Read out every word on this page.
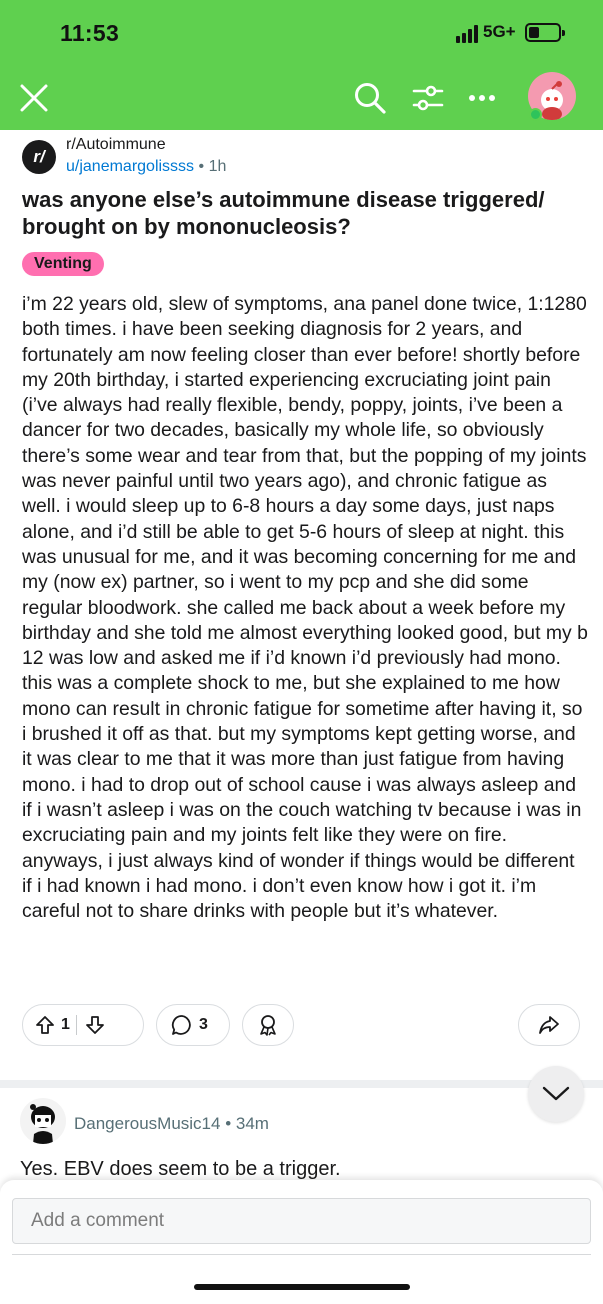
11:53	5G+
r/
r/Autoimmune
u/janemargolissss • 1h
was anyone else’s autoimmune disease triggered/ brought on by mononucleosis?
Venting
i’m 22 years old, slew of symptoms, ana panel done twice, 1:1280 both times. i have been seeking diagnosis for 2 years, and fortunately am now feeling closer than ever before! shortly before my 20th birthday, i started experiencing excruciating joint pain (i’ve always had really flexible, bendy, poppy, joints, i’ve been a dancer for two decades, basically my whole life, so obviously there’s some wear and tear from that, but the popping of my joints was never painful until two years ago), and chronic fatigue as well. i would sleep up to 6-8 hours a day some days, just naps alone, and i’d still be able to get 5-6 hours of sleep at night. this was unusual for me, and it was becoming concerning for me and my (now ex) partner, so i went to my pcp and she did some regular bloodwork. she called me back about a week before my birthday and she told me almost everything looked good, but my b 12 was low and asked me if i’d known i’d previously had mono. this was a complete shock to me, but she explained to me how mono can result in chronic fatigue for sometime after having it, so i brushed it off as that. but my symptoms kept getting worse, and it was clear to me that it was more than just fatigue from having mono. i had to drop out of school cause i was always asleep and if i wasn’t asleep i was on the couch watching tv because i was in excruciating pain and my joints felt like they were on fire. anyways, i just always kind of wonder if things would be different if i had known i had mono. i don’t even know how i got it. i’m careful not to share drinks with people but it’s whatever.
1	3
DangerousMusic14 • 34m
Yes. EBV does seem to be a trigger.
Add a comment
